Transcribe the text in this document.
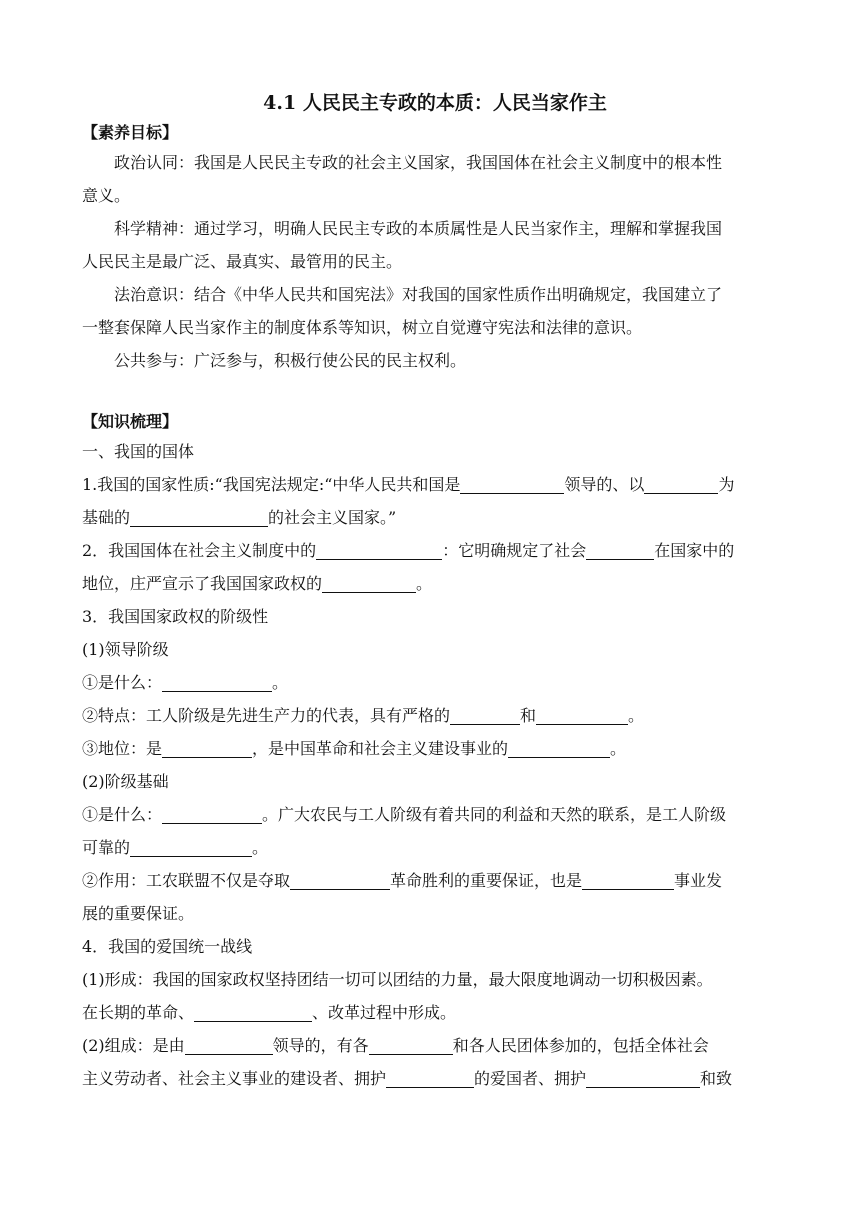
4.1 人民民主专政的本质：人民当家作主
【素养目标】
政治认同：我国是人民民主专政的社会主义国家，我国国体在社会主义制度中的根本性
意义。
科学精神：通过学习，明确人民民主专政的本质属性是人民当家作主，理解和掌握我国
人民民主是最广泛、最真实、最管用的民主。
法治意识：结合《中华人民共和国宪法》对我国的国家性质作出明确规定，我国建立了
一整套保障人民当家作主的制度体系等知识，树立自觉遵守宪法和法律的意识。
公共参与：广泛参与，积极行使公民的民主权利。
【知识梳理】
一、我国的国体
1.我国的国家性质:“我国宪法规定:“中华人民共和国是	领导的、以	为
基础的	的社会主义国家。”
2．我国国体在社会主义制度中的	：它明确规定了社会	在国家中的
地位，庄严宣示了我国国家政权的	。
3．我国国家政权的阶级性
(1)领导阶级
①是什么：	。
②特点：工人阶级是先进生产力的代表，具有严格的	和	。
③地位：是	，是中国革命和社会主义建设事业的	。
(2)阶级基础
①是什么：	。广大农民与工人阶级有着共同的利益和天然的联系，是工人阶级
可靠的	。
②作用：工农联盟不仅是夺取	革命胜利的重要保证，也是	事业发
展的重要保证。
4．我国的爱国统一战线
(1)形成：我国的国家政权坚持团结一切可以团结的力量，最大限度地调动一切积极因素。
在长期的革命、	、改革过程中形成。
(2)组成：是由	领导的，有各	和各人民团体参加的，包括全体社会
主义劳动者、社会主义事业的建设者、拥护	的爱国者、拥护	和致
